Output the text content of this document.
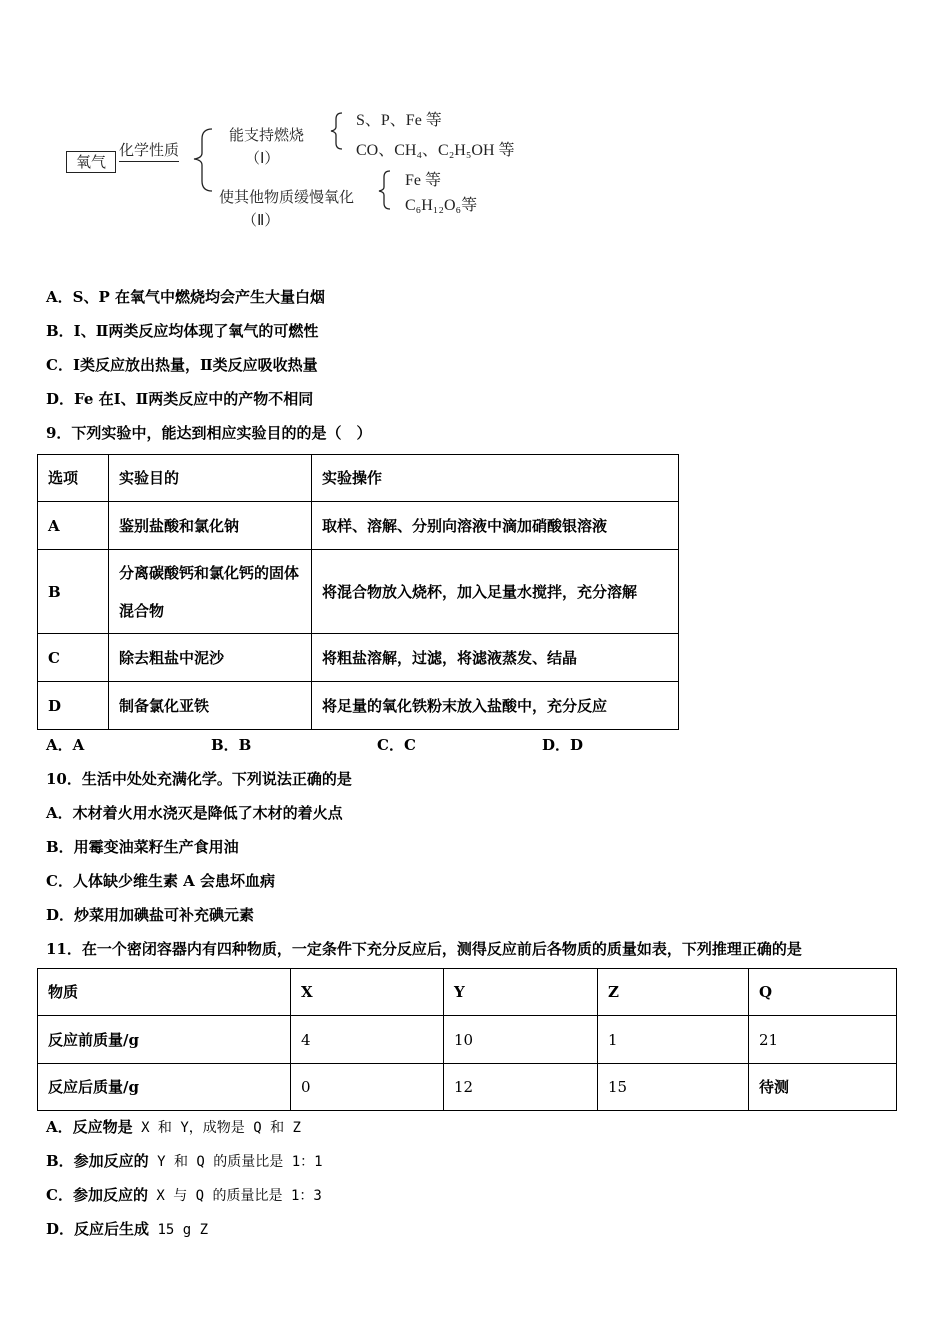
氧气
化学性质
能支持燃烧
（Ⅰ）
S、P、Fe 等
CO、CH₄、C₂H₅OH 等
使其他物质缓慢氧化
（Ⅱ）
Fe 等
C₆H₁₂O₆等
A．S、P 在氧气中燃烧均会产生大量白烟
B．Ⅰ、Ⅱ两类反应均体现了氧气的可燃性
C．Ⅰ类反应放出热量，Ⅱ类反应吸收热量
D．Fe 在Ⅰ、Ⅱ两类反应中的产物不相同
9．下列实验中，能达到相应实验目的的是（　）
选项	实验目的	实验操作
A	鉴别盐酸和氯化钠	取样、溶解、分别向溶液中滴加硝酸银溶液
B	分离碳酸钙和氯化钙的固体混合物	将混合物放入烧杯，加入足量水搅拌，充分溶解
C	除去粗盐中泥沙	将粗盐溶解，过滤，将滤液蒸发、结晶
D	制备氯化亚铁	将足量的氧化铁粉末放入盐酸中，充分反应
A．A	B．B	C．C	D．D
10．生活中处处充满化学。下列说法正确的是
A．木材着火用水浇灭是降低了木材的着火点
B．用霉变油菜籽生产食用油
C．人体缺少维生素 A 会患坏血病
D．炒菜用加碘盐可补充碘元素
11．在一个密闭容器内有四种物质，一定条件下充分反应后，测得反应前后各物质的质量如表，下列推理正确的是
物质	X	Y	Z	Q
反应前质量/g	4	10	1	21
反应后质量/g	0	12	15	待测
A．反应物是 X 和 Y，成物是 Q 和 Z
B．参加反应的 Y 和 Q 的质量比是 1：1
C．参加反应的 X 与 Q 的质量比是 1：3
D．反应后生成 15 g Z
